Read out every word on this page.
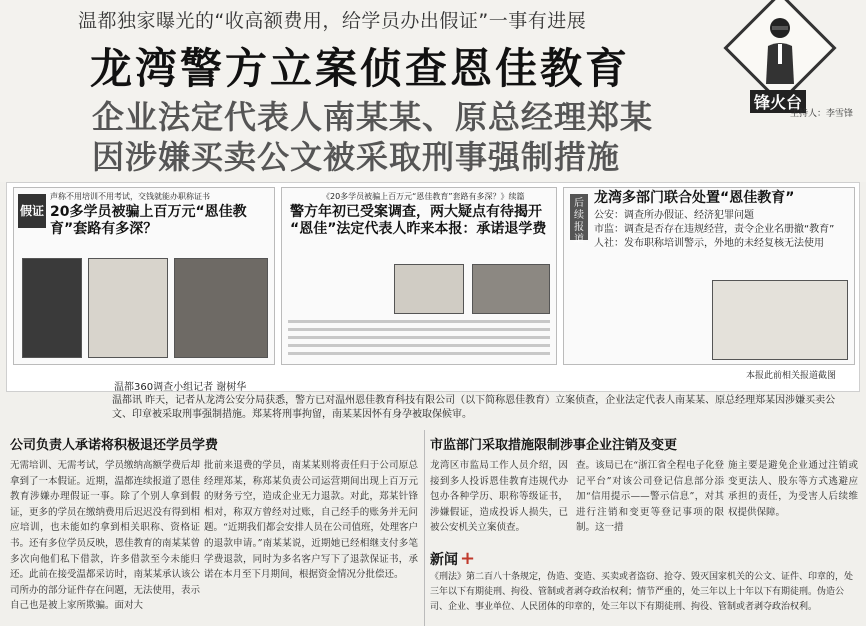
温都独家曝光的“收高额费用，给学员办出假证”一事有进展
龙湾警方立案侦查恩佳教育
企业法定代表人南某某、原总经理郑某
因涉嫌买卖公文被采取刑事强制措施
锋火台
主持人：李雪锋
假证
声称不用培训不用考试，交钱就能办职称证书
20多学员被骗上百万元“恩佳教育”套路有多深？
《20多学员被骗上百万元“恩佳教育”套路有多深？》续篇
警方年初已受案调查，两大疑点有待揭开 “恩佳”法定代表人昨来本报：承诺退学费
后续报道
龙湾多部门联合处置“恩佳教育”
公安：调查所办假证、经济犯罪问题
市监：调查是否存在违规经营，责令企业名册撤“教育”
人社：发布职称培训警示，外地的未经复核无法使用
温都360调查小组记者 谢树华
本报此前相关报道截图
温都讯 昨天，记者从龙湾公安分局获悉，警方已对温州恩佳教育科技有限公司（以下简称恩佳教育）立案侦查，企业法定代表人南某某、原总经理郑某因涉嫌买卖公文、印章被采取刑事强制措施。郑某将刑事拘留，南某某因怀有身孕被取保候审。
公司负责人承诺将积极退还学员学费	市监部门采取措施限制涉事企业注销及变更
无需培训、无需考试，学员缴纳高额学费后却拿到了一本假证。近期，温都连续报道了恩佳教育涉嫌办理假证一事。除了个别人拿到假证，更多的学员在缴纳费用后迟迟没有得到相应培训，也未能如约拿到相关职称、资格证书。还有多位学员反映，恩佳教育的南某某曾多次向他们私下借款，许多借款至今未能归还。此前在接受温都采访时，南某某承认该公司所办的部分证件存在问题，无法使用，表示自己也是被上家所欺骗。面对大
批前来退费的学员，南某某则将责任归于公司原总经理郑某，称郑某负责公司运营期间出现上百万元的财务亏空，造成企业无力退款。对此，郑某针锋相对，称双方曾经对过账，自己经手的账务并无问题。“近期我们都会安排人员在公司值班，处理客户的退款申请。”南某某说，近期她已经相继支付多笔学费退款，同时为多名客户写下了退款保证书，承诺在本月至下月期间，根据资金情况分批偿还。
龙湾区市监局工作人员介绍，因接到多人投诉恩佳教育违规代办包办各种学历、职称等级证书，涉嫌假证，造成投诉人损失，已被公安机关立案侦查。
查。该局已在“浙江省全程电子化登记平台”对该公司登记信息部分添加“信用提示——警示信息”，对其进行注销和变更等登记事项的限制。这一措
施主要是避免企业通过注销或变更法人、股东等方式逃避应承担的责任，为受害人后续维权提供保障。
新闻 +
《刑法》第二百八十条规定，伪造、变造、买卖或者盗窃、抢夺、毁灭国家机关的公文、证件、印章的，处三年以下有期徒刑、拘役、管制或者剥夺政治权利；情节严重的，处三年以上十年以下有期徒刑。伪造公司、企业、事业单位、人民团体的印章的，处三年以下有期徒刑、拘役、管制或者剥夺政治权利。
